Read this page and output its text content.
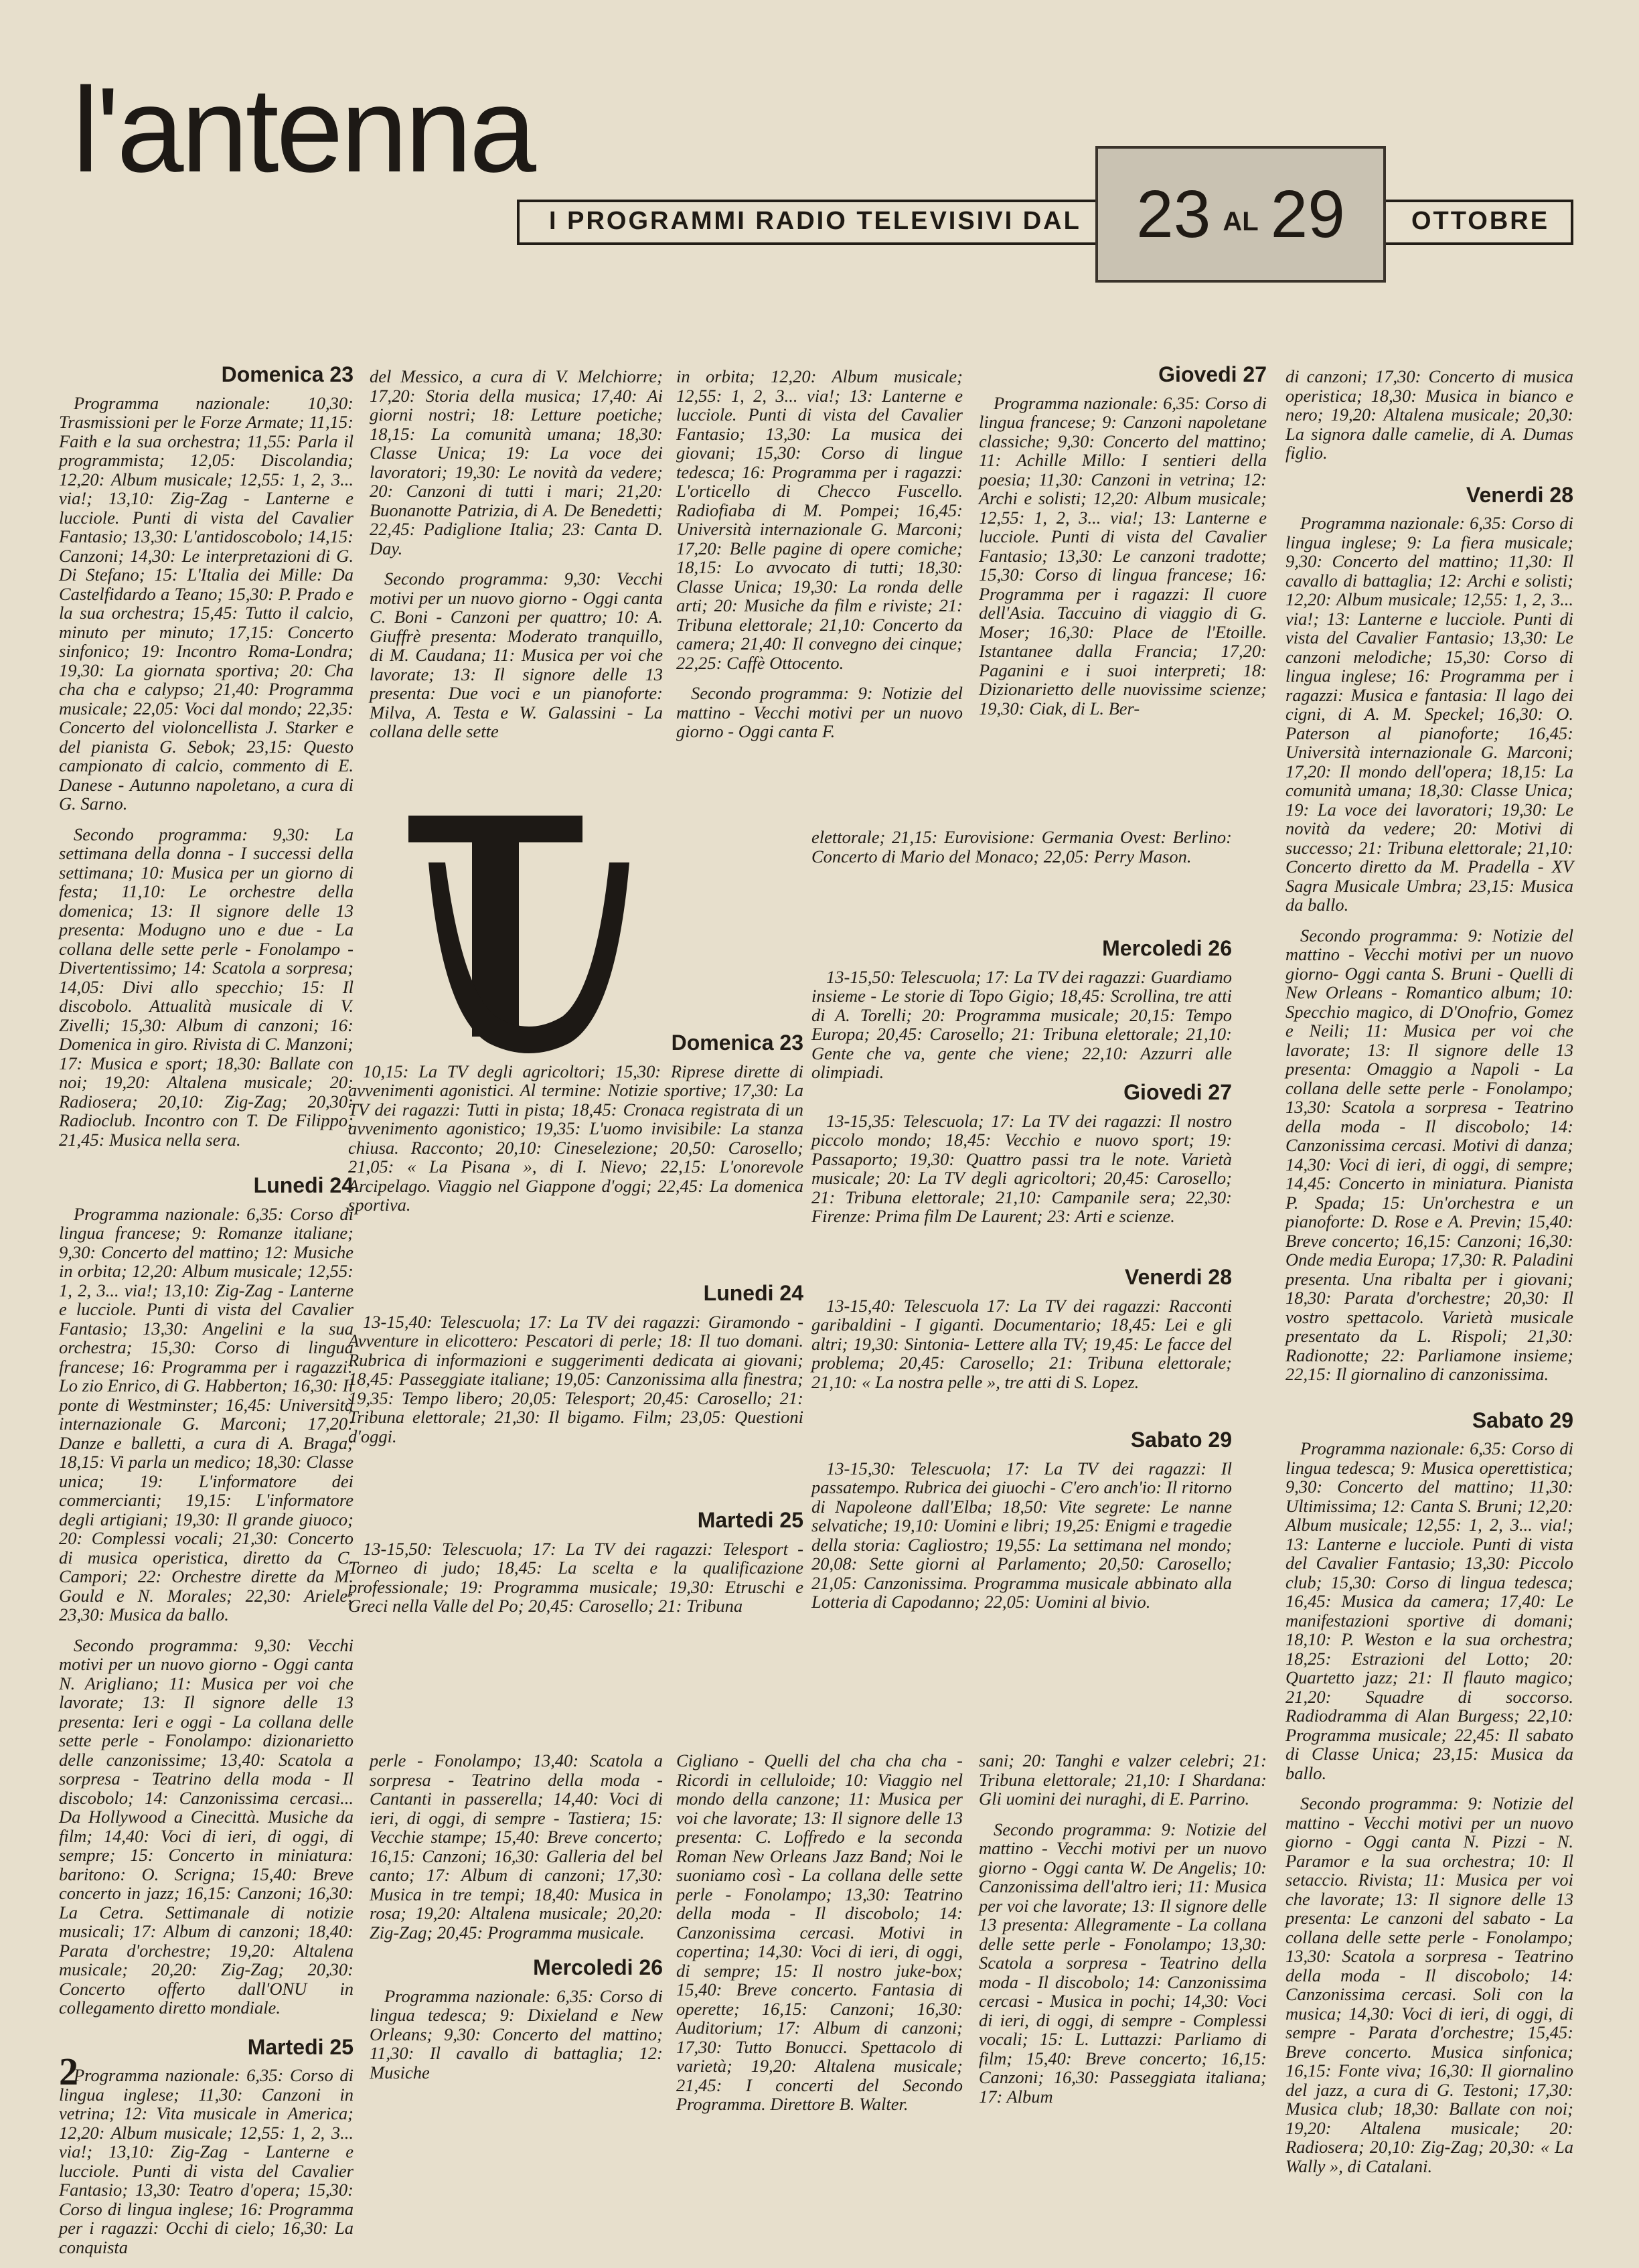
l'antenna
I PROGRAMMI RADIO TELEVISIVI DAL	OTTOBRE
23 AL 29
Domenica 23

Programma nazionale: 10,30: Trasmissioni per le Forze Armate; 11,15: Faith e la sua orchestra; 11,55: Parla il programmista; 12,05: Discolandia; 12,20: Album musicale; 12,55: 1, 2, 3... via!; 13,10: Zig-Zag - Lanterne e lucciole. Punti di vista del Cavalier Fantasio; 13,30: L'antidoscobolo; 14,15: Canzoni; 14,30: Le interpretazioni di G. Di Stefano; 15: L'Italia dei Mille: Da Castelfidardo a Teano; 15,30: P. Prado e la sua orchestra; 15,45: Tutto il calcio, minuto per minuto; 17,15: Concerto sinfonico; 19: Incontro Roma-Londra; 19,30: La giornata sportiva; 20: Cha cha cha e calypso; 21,40: Programma musicale; 22,05: Voci dal mondo; 22,35: Concerto del violoncellista J. Starker e del pianista G. Sebok; 23,15: Questo campionato di calcio, commento di E. Danese - Autunno napoletano, a cura di G. Sarno.

Secondo programma: 9,30: La settimana della donna - I successi della settimana; 10: Musica per un giorno di festa; 11,10: Le orchestre della domenica; 13: Il signore delle 13 presenta: Modugno uno e due - La collana delle sette perle - Fonolampo - Divertentissimo; 14: Scatola a sorpresa; 14,05: Divi allo specchio; 15: Il discobolo. Attualità musicale di V. Zivelli; 15,30: Album di canzoni; 16: Domenica in giro. Rivista di C. Manzoni; 17: Musica e sport; 18,30: Ballate con noi; 19,20: Altalena musicale; 20: Radiosera; 20,10: Zig-Zag; 20,30: Radioclub. Incontro con T. De Filippo; 21,45: Musica nella sera.

Lunedi 24

Programma nazionale: 6,35: Corso di lingua francese; 9: Romanze italiane; 9,30: Concerto del mattino; 12: Musiche in orbita; 12,20: Album musicale; 12,55: 1, 2, 3... via!; 13,10: Zig-Zag - Lanterne e lucciole. Punti di vista del Cavalier Fantasio; 13,30: Angelini e la sua orchestra; 15,30: Corso di lingua francese; 16: Programma per i ragazzi: Lo zio Enrico, di G. Habberton; 16,30: Il ponte di Westminster; 16,45: Università internazionale G. Marconi; 17,20: Danze e balletti, a cura di A. Braga; 18,15: Vi parla un medico; 18,30: Classe unica; 19: L'informatore dei commercianti; 19,15: L'informatore degli artigiani; 19,30: Il grande giuoco; 20: Complessi vocali; 21,30: Concerto di musica operistica, diretto da C. Campori; 22: Orchestre dirette da M. Gould e N. Morales; 22,30: Ariele; 23,30: Musica da ballo.

Secondo programma: 9,30: Vecchi motivi per un nuovo giorno - Oggi canta N. Arigliano; 11: Musica per voi che lavorate; 13: Il signore delle 13 presenta: Ieri e oggi - La collana delle sette perle - Fonolampo: dizionarietto delle canzonissime; 13,40: Scatola a sorpresa - Teatrino della moda - Il discobolo; 14: Canzonissima cercasi... Da Hollywood a Cinecittà. Musiche da film; 14,40: Voci di ieri, di oggi, di sempre; 15: Concerto in miniatura: baritono: O. Scrigna; 15,40: Breve concerto in jazz; 16,15: Canzoni; 16,30: La Cetra. Settimanale di notizie musicali; 17: Album di canzoni; 18,40: Parata d'orchestre; 19,20: Altalena musicale; 20,20: Zig-Zag; 20,30: Concerto offerto dall'ONU in collegamento diretto mondiale.

Martedi 25

Programma nazionale: 6,35: Corso di lingua inglese; 11,30: Canzoni in vetrina; 12: Vita musicale in America; 12,20: Album musicale; 12,55: 1, 2, 3... via!; 13,10: Zig-Zag - Lanterne e lucciole. Punti di vista del Cavalier Fantasio; 13,30: Teatro d'opera; 15,30: Corso di lingua inglese; 16: Programma per i ragazzi: Occhi di cielo; 16,30: La conquista

del Messico, a cura di V. Melchiorre; 17,20: Storia della musica; 17,40: Ai giorni nostri; 18: Letture poetiche; 18,15: La comunità umana; 18,30: Classe Unica; 19: La voce dei lavoratori; 19,30: Le novità da vedere; 20: Canzoni di tutti i mari; 21,20: Buonanotte Patrizia, di A. De Benedetti; 22,45: Padiglione Italia; 23: Canta D. Day.

Secondo programma: 9,30: Vecchi motivi per un nuovo giorno - Oggi canta C. Boni - Canzoni per quattro; 10: A. Giuffrè presenta: Moderato tranquillo, di M. Caudana; 11: Musica per voi che lavorate; 13: Il signore delle 13 presenta: Due voci e un pianoforte: Milva, A. Testa e W. Galassini - La collana delle sette

in orbita; 12,20: Album musicale; 12,55: 1, 2, 3... via!; 13: Lanterne e lucciole. Punti di vista del Cavalier Fantasio; 13,30: La musica dei giovani; 15,30: Corso di lingue tedesca; 16: Programma per i ragazzi: L'orticello di Checco Fuscello. Radiofiaba di M. Pompei; 16,45: Università internazionale G. Marconi; 17,20: Belle pagine di opere comiche; 18,15: Lo avvocato di tutti; 18,30: Classe Unica; 19,30: La ronda delle arti; 20: Musiche da film e riviste; 21: Tribuna elettorale; 21,10: Concerto da camera; 21,40: Il convegno dei cinque; 22,25: Caffè Ottocento.

Secondo programma: 9: Notizie del mattino - Vecchi motivi per un nuovo giorno - Oggi canta F.

Giovedi 27

Programma nazionale: 6,35: Corso di lingua francese; 9: Canzoni napoletane classiche; 9,30: Concerto del mattino; 11: Achille Millo: I sentieri della poesia; 11,30: Canzoni in vetrina; 12: Archi e solisti; 12,20: Album musicale; 12,55: 1, 2, 3... via!; 13: Lanterne e lucciole. Punti di vista del Cavalier Fantasio; 13,30: Le canzoni tradotte; 15,30: Corso di lingua francese; 16: Programma per i ragazzi: Il cuore dell'Asia. Taccuino di viaggio di G. Moser; 16,30: Place de l'Etoille. Istantanee dalla Francia; 17,20: Paganini e i suoi interpreti; 18: Dizionarietto delle nuovissime scienze; 19,30: Ciak, di L. Ber-

di canzoni; 17,30: Concerto di musica operistica; 18,30: Musica in bianco e nero; 19,20: Altalena musicale; 20,30: La signora dalle camelie, di A. Dumas figlio.

Venerdi 28

Programma nazionale: 6,35: Corso di lingua inglese; 9: La fiera musicale; 9,30: Concerto del mattino; 11,30: Il cavallo di battaglia; 12: Archi e solisti; 12,20: Album musicale; 12,55: 1, 2, 3... via!; 13: Lanterne e lucciole. Punti di vista del Cavalier Fantasio; 13,30: Le canzoni melodiche; 15,30: Corso di lingua inglese; 16: Programma per i ragazzi: Musica e fantasia: Il lago dei cigni, di A. M. Speckel; 16,30: O. Paterson al pianoforte; 16,45: Università internazionale G. Marconi; 17,20: Il mondo dell'opera; 18,15: La comunità umana; 18,30: Classe Unica; 19: La voce dei lavoratori; 19,30: Le novità da vedere; 20: Motivi di successo; 21: Tribuna elettorale; 21,10: Concerto diretto da M. Pradella - XV Sagra Musicale Umbra; 23,15: Musica da ballo.

Secondo programma: 9: Notizie del mattino - Vecchi motivi per un nuovo giorno- Oggi canta S. Bruni - Quelli di New Orleans - Romantico album; 10: Specchio magico, di D'Onofrio, Gomez e Neili; 11: Musica per voi che lavorate; 13: Il signore delle 13 presenta: Omaggio a Napoli - La collana delle sette perle - Fonolampo; 13,30: Scatola a sorpresa - Teatrino della moda - Il discobolo; 14: Canzonissima cercasi. Motivi di danza; 14,30: Voci di ieri, di oggi, di sempre; 14,45: Concerto in miniatura. Pianista P. Spada; 15: Un'orchestra e un pianoforte: D. Rose e A. Previn; 15,40: Breve concerto; 16,15: Canzoni; 16,30: Onde media Europa; 17,30: R. Paladini presenta. Una ribalta per i giovani; 18,30: Parata d'orchestre; 20,30: Il vostro spettacolo. Varietà musicale presentato da L. Rispoli; 21,30: Radionotte; 22: Parliamone insieme; 22,15: Il giornalino di canzonissima.

Sabato 29

Programma nazionale: 6,35: Corso di lingua tedesca; 9: Musica operettistica; 9,30: Concerto del mattino; 11,30: Ultimissima; 12: Canta S. Bruni; 12,20: Album musicale; 12,55: 1, 2, 3... via!; 13: Lanterne e lucciole. Punti di vista del Cavalier Fantasio; 13,30: Piccolo club; 15,30: Corso di lingua tedesca; 16,45: Musica da camera; 17,40: Le manifestazioni sportive di domani; 18,10: P. Weston e la sua orchestra; 18,25: Estrazioni del Lotto; 20: Quartetto jazz; 21: Il flauto magico; 21,20: Squadre di soccorso. Radiodramma di Alan Burgess; 22,10: Programma musicale; 22,45: Il sabato di Classe Unica; 23,15: Musica da ballo.

Secondo programma: 9: Notizie del mattino - Vecchi motivi per un nuovo giorno - Oggi canta N. Pizzi - N. Paramor e la sua orchestra; 10: Il setaccio. Rivista; 11: Musica per voi che lavorate; 13: Il signore delle 13 presenta: Le canzoni del sabato - La collana delle sette perle - Fonolampo; 13,30: Scatola a sorpresa - Teatrino della moda - Il discobolo; 14: Canzonissima cercasi. Soli con la musica; 14,30: Voci di ieri, di oggi, di sempre - Parata d'orchestre; 15,45: Breve concerto. Musica sinfonica; 16,15: Fonte viva; 16,30: Il giornalino del jazz, a cura di G. Testoni; 17,30: Musica club; 18,30: Ballate con noi; 19,20: Altalena musicale; 20: Radiosera; 20,10: Zig-Zag; 20,30: « La Wally », di Catalani.

elettorale; 21,15: Eurovisione: Germania Ovest: Berlino: Concerto di Mario del Monaco; 22,05: Perry Mason.

Mercoledi 26

13-15,50: Telescuola; 17: La TV dei ragazzi: Guardiamo insieme - Le storie di Topo Gigio; 18,45: Scrollina, tre atti di A. Torelli; 20: Programma musicale; 20,15: Tempo Europa; 20,45: Carosello; 21: Tribuna elettorale; 21,10: Gente che va, gente che viene; 22,10: Azzurri alle olimpiadi.

Domenica 23

10,15: La TV degli agricoltori; 15,30: Riprese dirette di avvenimenti agonistici. Al termine: Notizie sportive; 17,30: La TV dei ragazzi: Tutti in pista; 18,45: Cronaca registrata di un avvenimento agonistico; 19,35: L'uomo invisibile: La stanza chiusa. Racconto; 20,10: Cineselezione; 20,50: Carosello; 21,05: « La Pisana », di I. Nievo; 22,15: L'onorevole Arcipelago. Viaggio nel Giappone d'oggi; 22,45: La domenica sportiva.

Giovedi 27

13-15,35: Telescuola; 17: La TV dei ragazzi: Il nostro piccolo mondo; 18,45: Vecchio e nuovo sport; 19: Passaporto; 19,30: Quattro passi tra le note. Varietà musicale; 20: La TV degli agricoltori; 20,45: Carosello; 21: Tribuna elettorale; 21,10: Campanile sera; 22,30: Firenze: Prima film De Laurent; 23: Arti e scienze.

Lunedi 24

13-15,40: Telescuola; 17: La TV dei ragazzi: Giramondo - Avventure in elicottero: Pescatori di perle; 18: Il tuo domani. Rubrica di informazioni e suggerimenti dedicata ai giovani; 18,45: Passeggiate italiane; 19,05: Canzonissima alla finestra; 19,35: Tempo libero; 20,05: Telesport; 20,45: Carosello; 21: Tribuna elettorale; 21,30: Il bigamo. Film; 23,05: Questioni d'oggi.

Venerdi 28

13-15,40: Telescuola 17: La TV dei ragazzi: Racconti garibaldini - I giganti. Documentario; 18,45: Lei e gli altri; 19,30: Sintonia- Lettere alla TV; 19,45: Le facce del problema; 20,45: Carosello; 21: Tribuna elettorale; 21,10: « La nostra pelle », tre atti di S. Lopez.

Sabato 29

13-15,30: Telescuola; 17: La TV dei ragazzi: Il passatempo. Rubrica dei giuochi - C'ero anch'io: Il ritorno di Napoleone dall'Elba; 18,50: Vite segrete: Le nanne selvatiche; 19,10: Uomini e libri; 19,25: Enigmi e tragedie della storia: Cagliostro; 19,55: La settimana nel mondo; 20,08: Sette giorni al Parlamento; 20,50: Carosello; 21,05: Canzonissima. Programma musicale abbinato alla Lotteria di Capodanno; 22,05: Uomini al bivio.

Martedi 25

13-15,50: Telescuola; 17: La TV dei ragazzi: Telesport - Torneo di judo; 18,45: La scelta e la qualificazione professionale; 19: Programma musicale; 19,30: Etruschi e Greci nella Valle del Po; 20,45: Carosello; 21: Tribuna

perle - Fonolampo; 13,40: Scatola a sorpresa - Teatrino della moda - Cantanti in passerella; 14,40: Voci di ieri, di oggi, di sempre - Tastiera; 15: Vecchie stampe; 15,40: Breve concerto; 16,15: Canzoni; 16,30: Galleria del bel canto; 17: Album di canzoni; 17,30: Musica in tre tempi; 18,40: Musica in rosa; 19,20: Altalena musicale; 20,20: Zig-Zag; 20,45: Programma musicale.

Mercoledi 26

Programma nazionale: 6,35: Corso di lingua tedesca; 9: Dixieland e New Orleans; 9,30: Concerto del mattino; 11,30: Il cavallo di battaglia; 12: Musiche

Cigliano - Quelli del cha cha cha - Ricordi in celluloide; 10: Viaggio nel mondo della canzone; 11: Musica per voi che lavorate; 13: Il signore delle 13 presenta: C. Loffredo e la seconda Roman New Orleans Jazz Band; Noi le suoniamo così - La collana delle sette perle - Fonolampo; 13,30: Teatrino della moda - Il discobolo; 14: Canzonissima cercasi. Motivi in copertina; 14,30: Voci di ieri, di oggi, di sempre; 15: Il nostro juke-box; 15,40: Breve concerto. Fantasia di operette; 16,15: Canzoni; 16,30: Auditorium; 17: Album di canzoni; 17,30: Tutto Bonucci. Spettacolo di varietà; 19,20: Altalena musicale; 21,45: I concerti del Secondo Programma. Direttore B. Walter.

sani; 20: Tanghi e valzer celebri; 21: Tribuna elettorale; 21,10: I Shardana: Gli uomini dei nuraghi, di E. Parrino.

Secondo programma: 9: Notizie del mattino - Vecchi motivi per un nuovo giorno - Oggi canta W. De Angelis; 10: Canzonissima dell'altro ieri; 11: Musica per voi che lavorate; 13: Il signore delle 13 presenta: Allegramente - La collana delle sette perle - Fonolampo; 13,30: Scatola a sorpresa - Teatrino della moda - Il discobolo; 14: Canzonissima cercasi - Musica in pochi; 14,30: Voci di ieri, di oggi, di sempre - Complessi vocali; 15: L. Luttazzi: Parliamo di film; 15,40: Breve concerto; 16,15: Canzoni; 16,30: Passeggiata italiana; 17: Album

2
